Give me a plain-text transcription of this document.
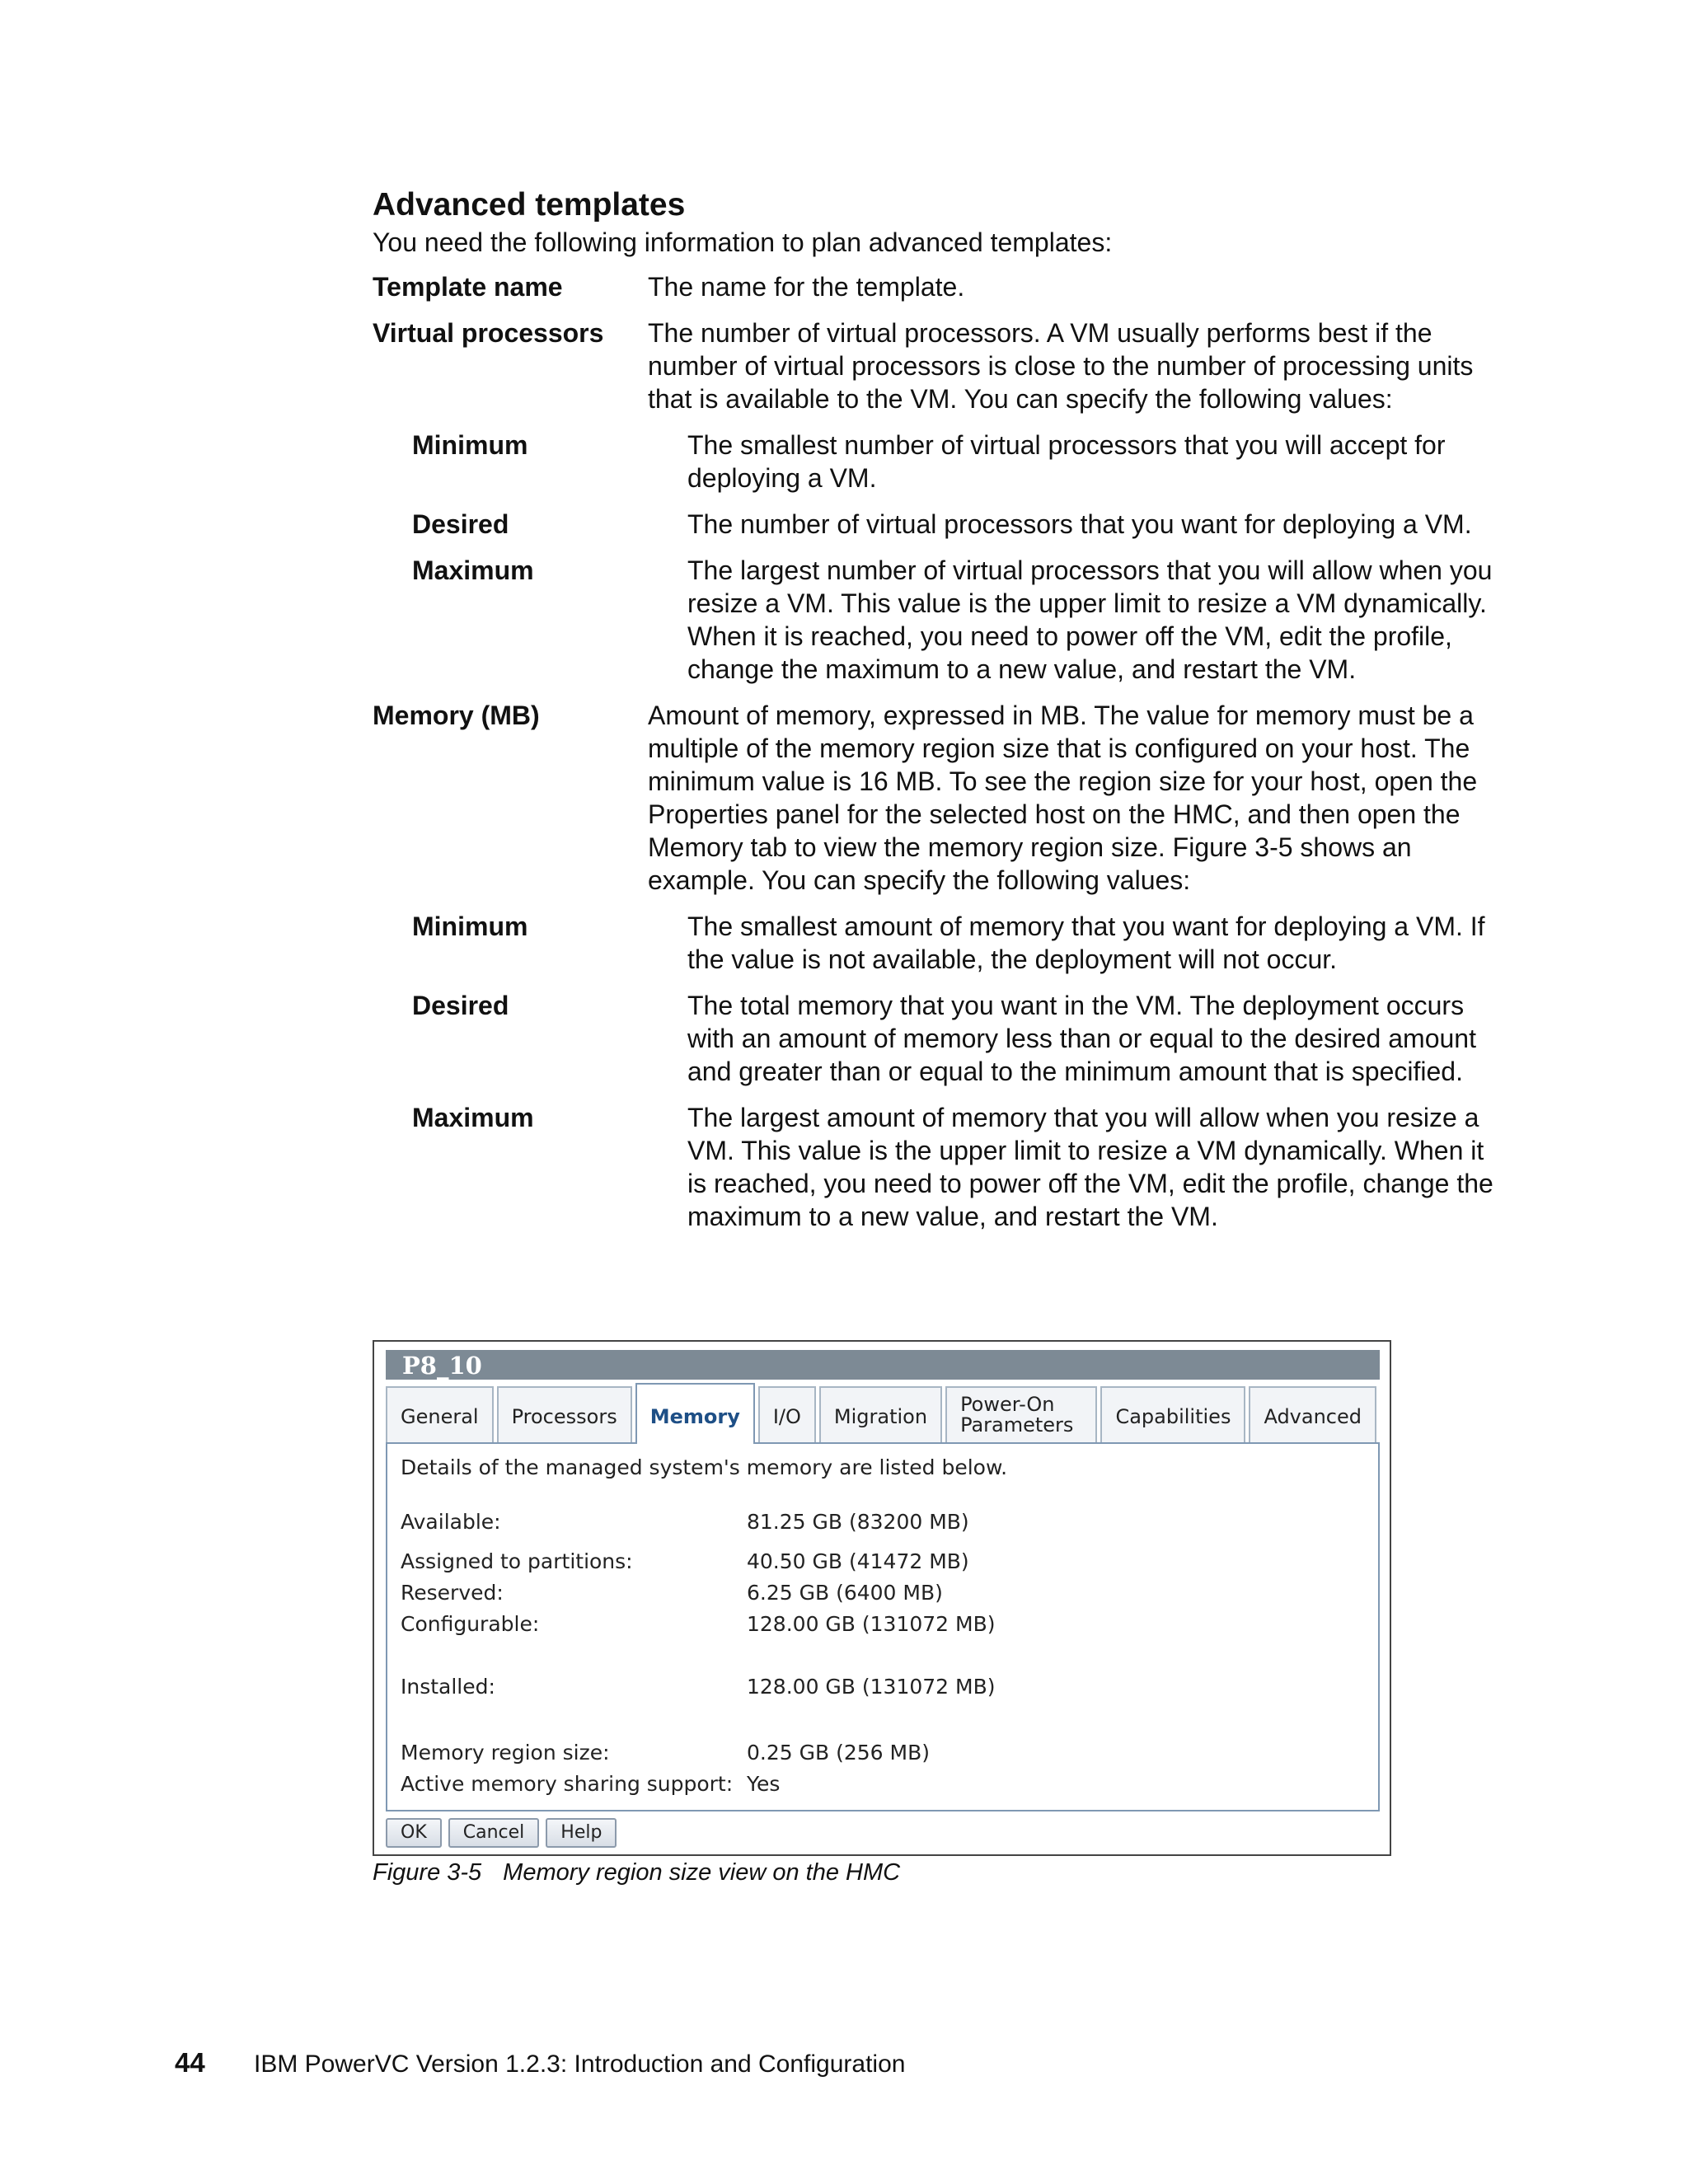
Advanced templates

You need the following information to plan advanced templates:

Template name	The name for the template.
Virtual processors	The number of virtual processors. A VM usually performs best if the number of virtual processors is close to the number of processing units that is available to the VM. You can specify the following values:
Minimum	The smallest number of virtual processors that you will accept for deploying a VM.
Desired	The number of virtual processors that you want for deploying a VM.
Maximum	The largest number of virtual processors that you will allow when you resize a VM. This value is the upper limit to resize a VM dynamically. When it is reached, you need to power off the VM, edit the profile, change the maximum to a new value, and restart the VM.
Memory (MB)	Amount of memory, expressed in MB. The value for memory must be a multiple of the memory region size that is configured on your host. The minimum value is 16 MB. To see the region size for your host, open the Properties panel for the selected host on the HMC, and then open the Memory tab to view the memory region size. Figure 3-5 shows an example. You can specify the following values:
Minimum	The smallest amount of memory that you want for deploying a VM. If the value is not available, the deployment will not occur.
Desired	The total memory that you want in the VM. The deployment occurs with an amount of memory less than or equal to the desired amount and greater than or equal to the minimum amount that is specified.
Maximum	The largest amount of memory that you will allow when you resize a VM. This value is the upper limit to resize a VM dynamically. When it is reached, you need to power off the VM, edit the profile, change the maximum to a new value, and restart the VM.
P8_10
General	Processors	Memory	I/O	Migration
Power-On Parameters	Capabilities	Advanced
Details of the managed system's memory are listed below.
Available:	81.25 GB (83200 MB)
Assigned to partitions:	40.50 GB (41472 MB)
Reserved:	6.25 GB (6400 MB)
Configurable:	128.00 GB (131072 MB)
Installed:	128.00 GB (131072 MB)
Memory region size:	0.25 GB (256 MB)
Active memory sharing support: Yes
OK	Cancel	Help
Figure 3-5 Memory region size view on the HMC
44	IBM PowerVC Version 1.2.3: Introduction and Configuration
